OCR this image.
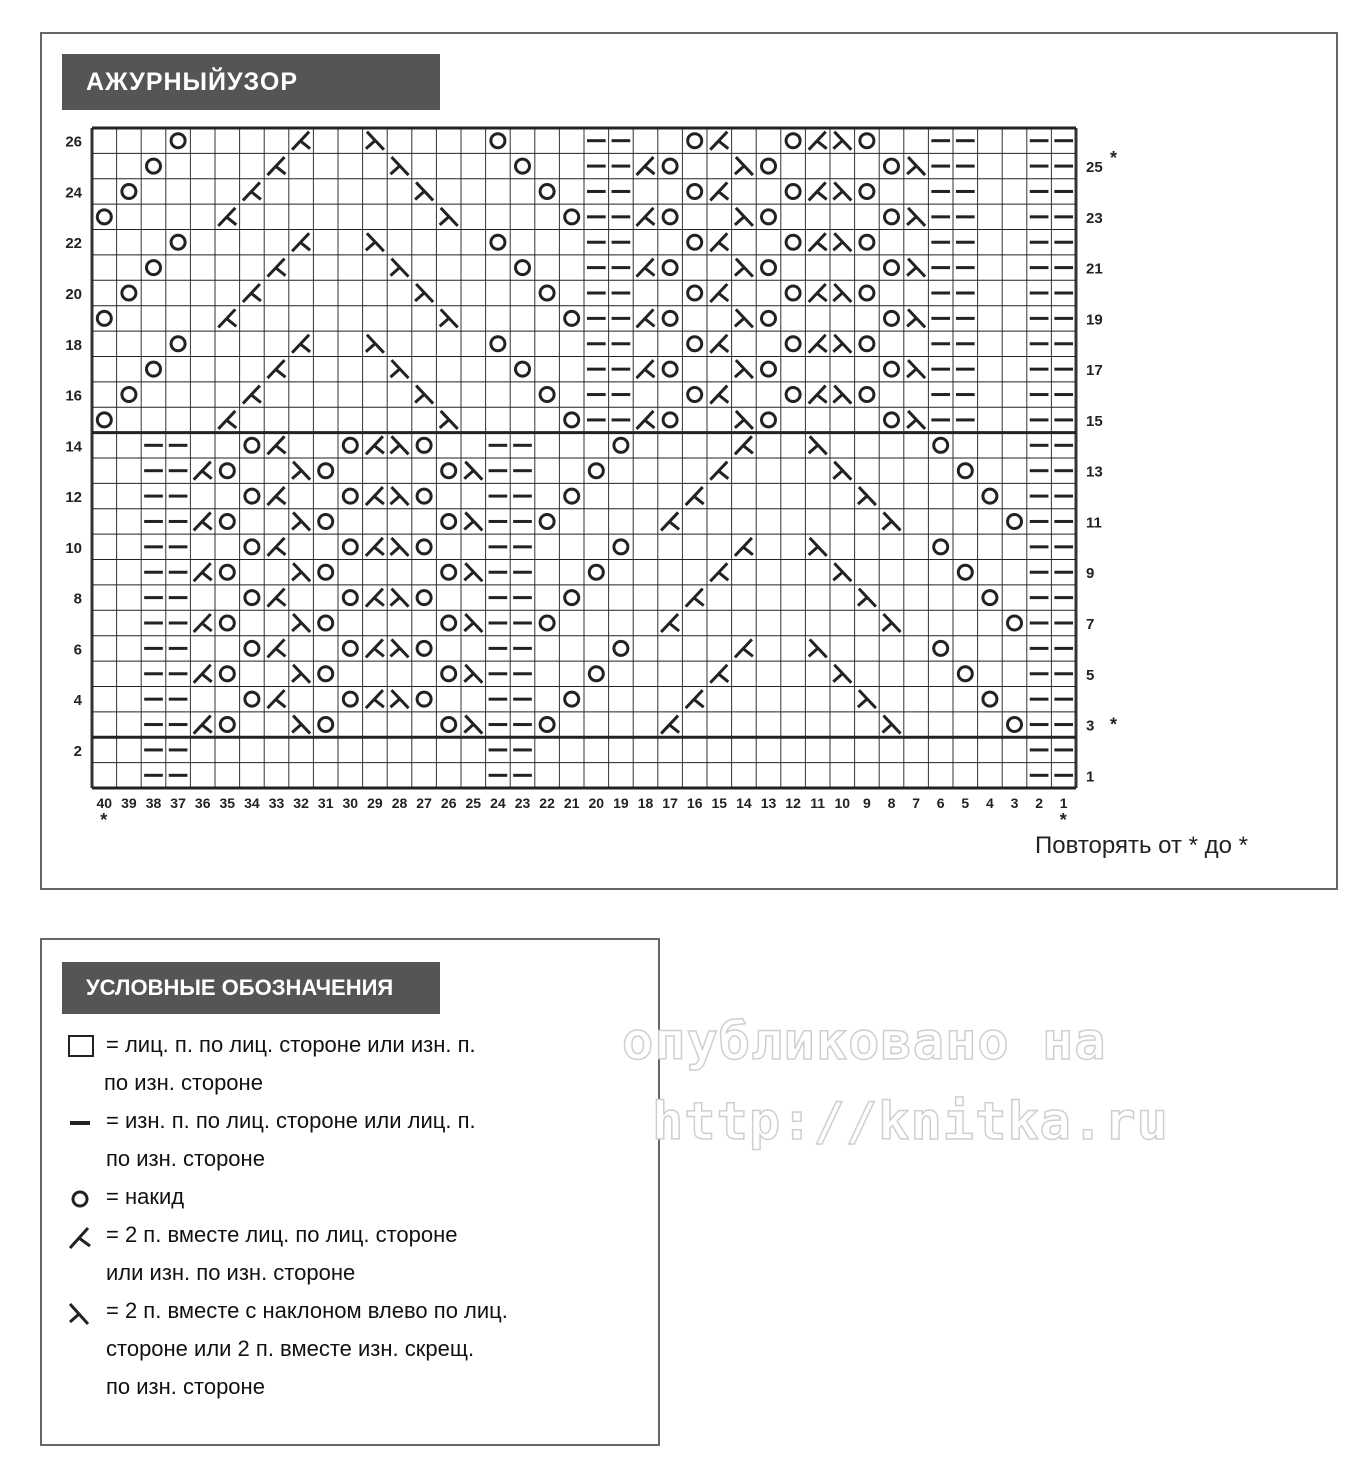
АЖУРНЫЙУЗОР
2
4
6
8
10
12
14
16
18
20
22
24
26
1
3
5
7
9
11
13
15
17
19
21
23
25
40 39 38 37 36 35 34 33 32 31 30 29 28 27 26 25 24 23 22 21 20 19 18 17 16 15 14 13 12 11 10 9 8 7 6 5 4 3 2 1
*
*
*	*
Повторять от * до *
УСЛОВНЫЕ ОБОЗНАЧЕНИЯ
= лиц. п. по лиц. стороне или изн. п.
по изн. стороне
= изн. п. по лиц. стороне или лиц. п.
по изн. стороне
= накид
= 2 п. вместе лиц. по лиц. стороне
или изн. по изн. стороне
= 2 п. вместе с наклоном влево по лиц.
стороне или 2 п. вместе изн. скрещ.
по изн. стороне
опубликовано на
http://knitka.ru
